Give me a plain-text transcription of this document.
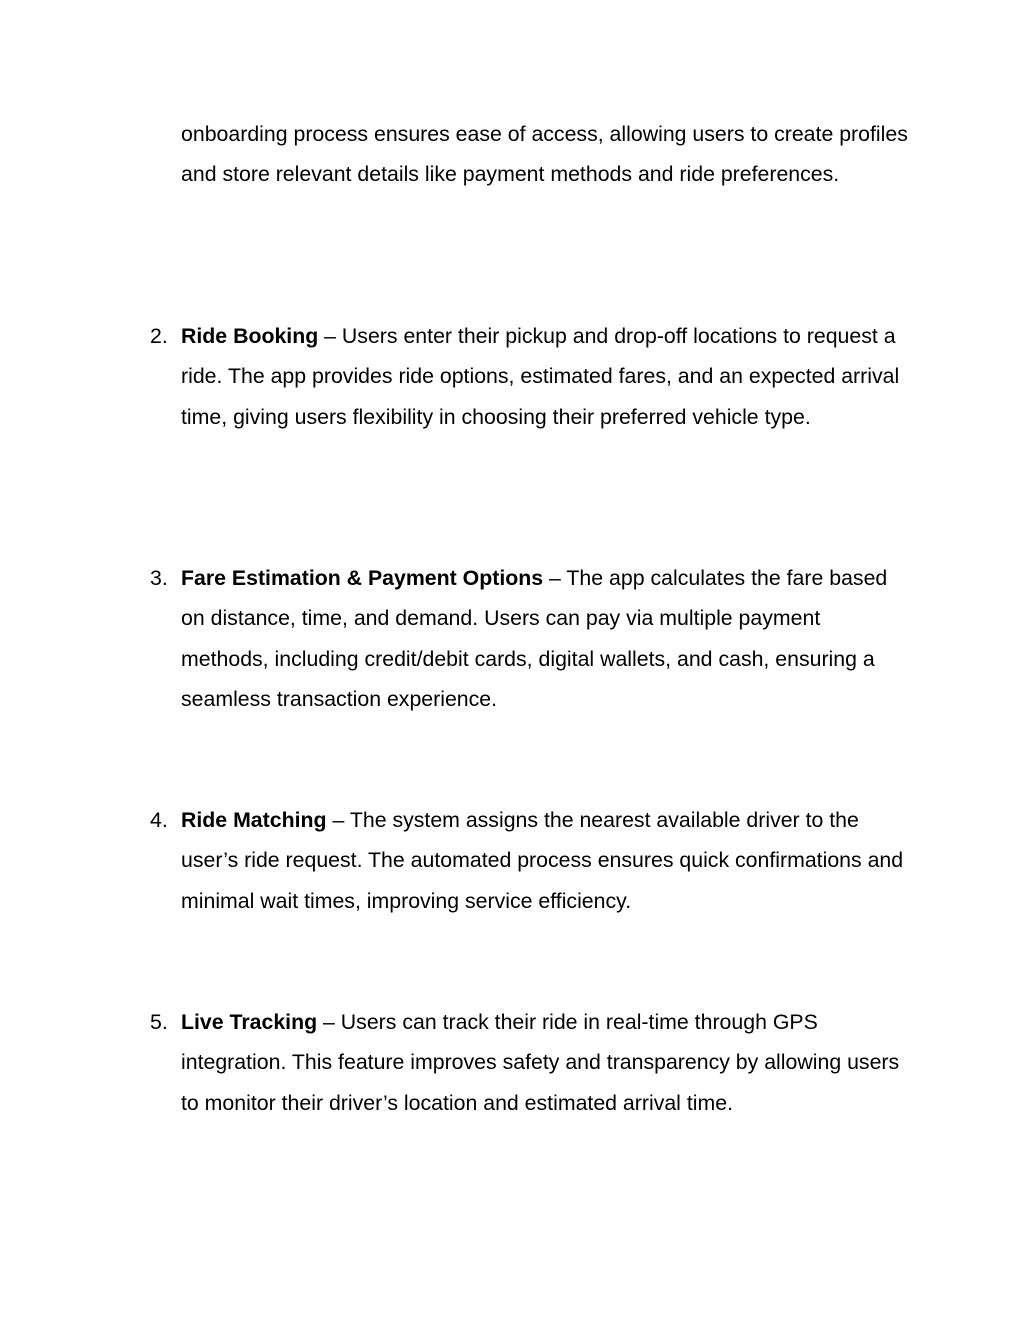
onboarding process ensures ease of access, allowing users to create profiles and store relevant details like payment methods and ride preferences.

2. Ride Booking – Users enter their pickup and drop-off locations to request a ride. The app provides ride options, estimated fares, and an expected arrival time, giving users flexibility in choosing their preferred vehicle type.
3. Fare Estimation & Payment Options – The app calculates the fare based on distance, time, and demand. Users can pay via multiple payment methods, including credit/debit cards, digital wallets, and cash, ensuring a seamless transaction experience.
4. Ride Matching – The system assigns the nearest available driver to the user’s ride request. The automated process ensures quick confirmations and minimal wait times, improving service efficiency.
5. Live Tracking – Users can track their ride in real-time through GPS integration. This feature improves safety and transparency by allowing users to monitor their driver’s location and estimated arrival time.
